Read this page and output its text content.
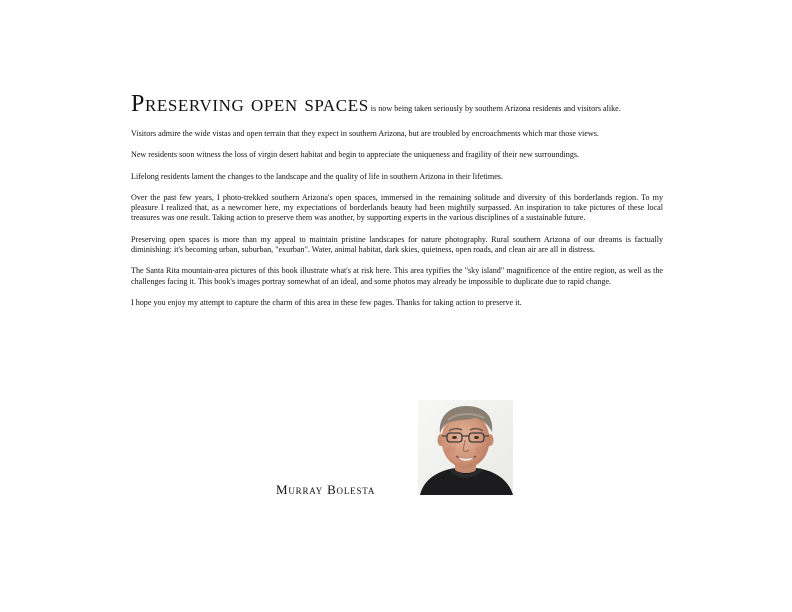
Preserving open spaces is now being taken seriously by southern Arizona residents and visitors alike.

Visitors admire the wide vistas and open terrain that they expect in southern Arizona, but are troubled by encroachments which mar those views.

New residents soon witness the loss of virgin desert habitat and begin to appreciate the uniqueness and fragility of their new surroundings.

Lifelong residents lament the changes to the landscape and the quality of life in southern Arizona in their lifetimes.

Over the past few years, I photo-trekked southern Arizona's open spaces, immersed in the remaining solitude and diversity of this borderlands region. To my pleasure I realized that, as a newcomer here, my expectations of borderlands beauty had been mightily surpassed. An inspiration to take pictures of these local treasures was one result. Taking action to preserve them was another, by supporting experts in the various disciplines of a sustainable future.

Preserving open spaces is more than my appeal to maintain pristine landscapes for nature photography. Rural southern Arizona of our dreams is factually diminishing: it's becoming urban, suburban, "exurban". Water, animal habitat, dark skies, quietness, open roads, and clean air are all in distress.

The Santa Rita mountain-area pictures of this book illustrate what's at risk here. This area typifies the "sky island" magnificence of the entire region, as well as the challenges facing it. This book's images portray somewhat of an ideal, and some photos may already be impossible to duplicate due to rapid change.

I hope you enjoy my attempt to capture the charm of this area in these few pages. Thanks for taking action to preserve it.

Murray Bolesta
